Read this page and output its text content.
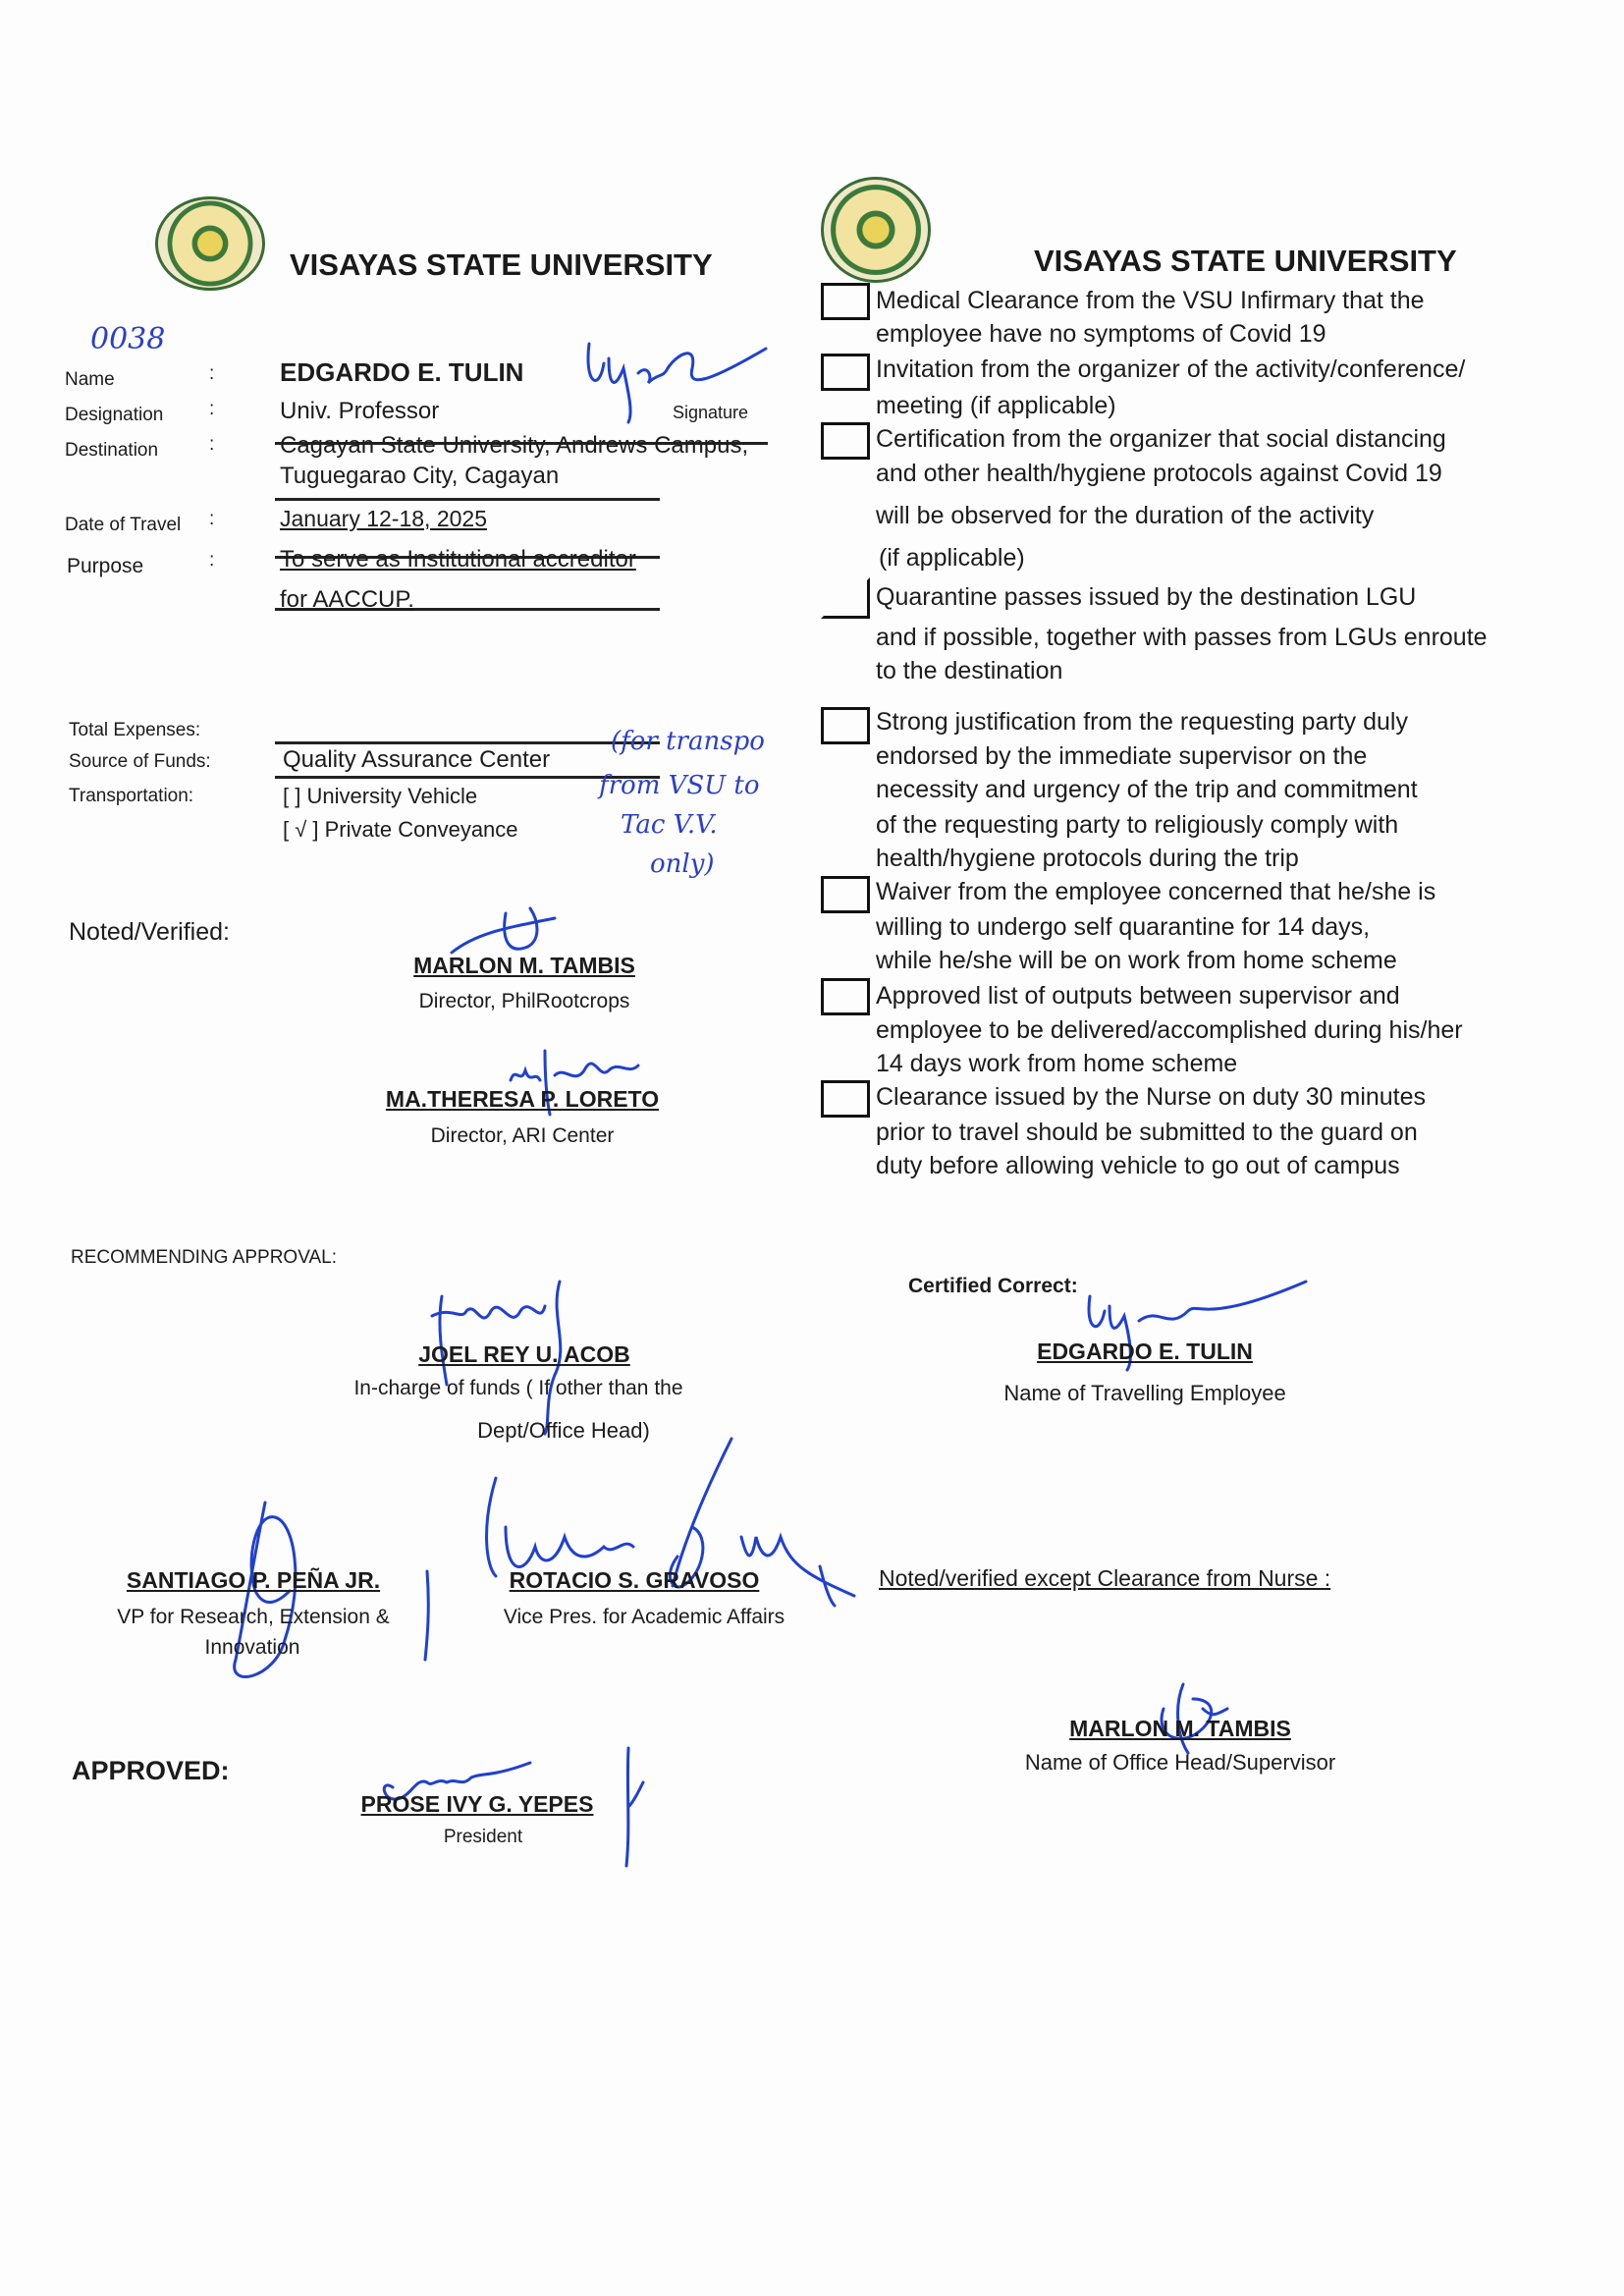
VISAYAS STATE UNIVERSITY	VISAYAS STATE UNIVERSITY
0038
Name	:	EDGARDO E. TULIN
Designation :	Univ. Professor	Signature
Destination	:	Cagayan State University, Andrews Campus,
Tuguegarao City, Cagayan
Date of Travel :	January 12-18, 2025
Purpose	:	To serve as Institutional accreditor
for AACCUP.
Total Expenses:
Source of Funds:	Quality Assurance Center
(for transpo
from VSU to
Tac V.V.
only)
Transportation:	[ ] University Vehicle
[ √ ] Private Conveyance
Noted/Verified:
MARLON M. TAMBIS
Director, PhilRootcrops
MA.THERESA P. LORETO
Director, ARI Center
Medical Clearance from the VSU Infirmary that the
employee have no symptoms of Covid 19
Invitation from the organizer of the activity/conference/
meeting (if applicable)
Certification from the organizer that social distancing
and other health/hygiene protocols against Covid 19
will be observed for the duration of the activity
(if applicable)
Quarantine passes issued by the destination LGU
and if possible, together with passes from LGUs enroute
to the destination
Strong justification from the requesting party duly
endorsed by the immediate supervisor on the
necessity and urgency of the trip and commitment
of the requesting party to religiously comply with
health/hygiene protocols during the trip
Waiver from the employee concerned that he/she is
willing to undergo self quarantine for 14 days,
while he/she will be on work from home scheme
Approved list of outputs between supervisor and
employee to be delivered/accomplished during his/her
14 days work from home scheme
Clearance issued by the Nurse on duty 30 minutes
prior to travel should be submitted to the guard on
duty before allowing vehicle to go out of campus
RECOMMENDING APPROVAL:
JOEL REY U. ACOB
In-charge of funds ( If other than the
Dept/Office Head)
Certified Correct:
EDGARDO E. TULIN
Name of Travelling Employee
SANTIAGO P. PEÑA JR.
VP for Research, Extension &
Innovation
ROTACIO S. GRAVOSO
Vice Pres. for Academic Affairs
Noted/verified except Clearance from Nurse :
MARLON M. TAMBIS
Name of Office Head/Supervisor
APPROVED:
PROSE IVY G. YEPES
President
